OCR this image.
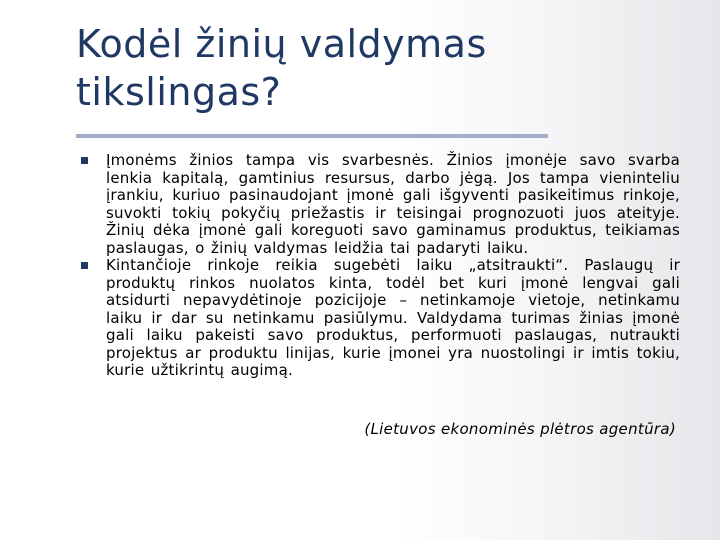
Kodėl žinių valdymas tikslingas?
Įmonėms žinios tampa vis svarbesnės. Žinios įmonėje savo svarba lenkia kapitalą, gamtinius resursus, darbo jėgą. Jos tampa vieninteliu įrankiu, kuriuo pasinaudojant įmonė gali išgyventi pasikeitimus rinkoje, suvokti tokių pokyčių priežastis ir teisingai prognozuoti juos ateityje. Žinių dėka įmonė gali koreguoti savo gaminamus produktus, teikiamas paslaugas, o žinių valdymas leidžia tai padaryti laiku.
Kintančioje rinkoje reikia sugebėti laiku „atsitraukti“. Paslaugų ir produktų rinkos nuolatos kinta, todėl bet kuri įmonė lengvai gali atsidurti nepavydėtinoje pozicijoje – netinkamoje vietoje, netinkamu laiku ir dar su netinkamu pasiūlymu. Valdydama turimas žinias įmonė gali laiku pakeisti savo produktus, performuoti paslaugas, nutraukti projektus ar produktu linijas, kurie įmonei yra nuostolingi ir imtis tokiu, kurie užtikrintų augimą.
(Lietuvos ekonominės plėtros agentūra)
